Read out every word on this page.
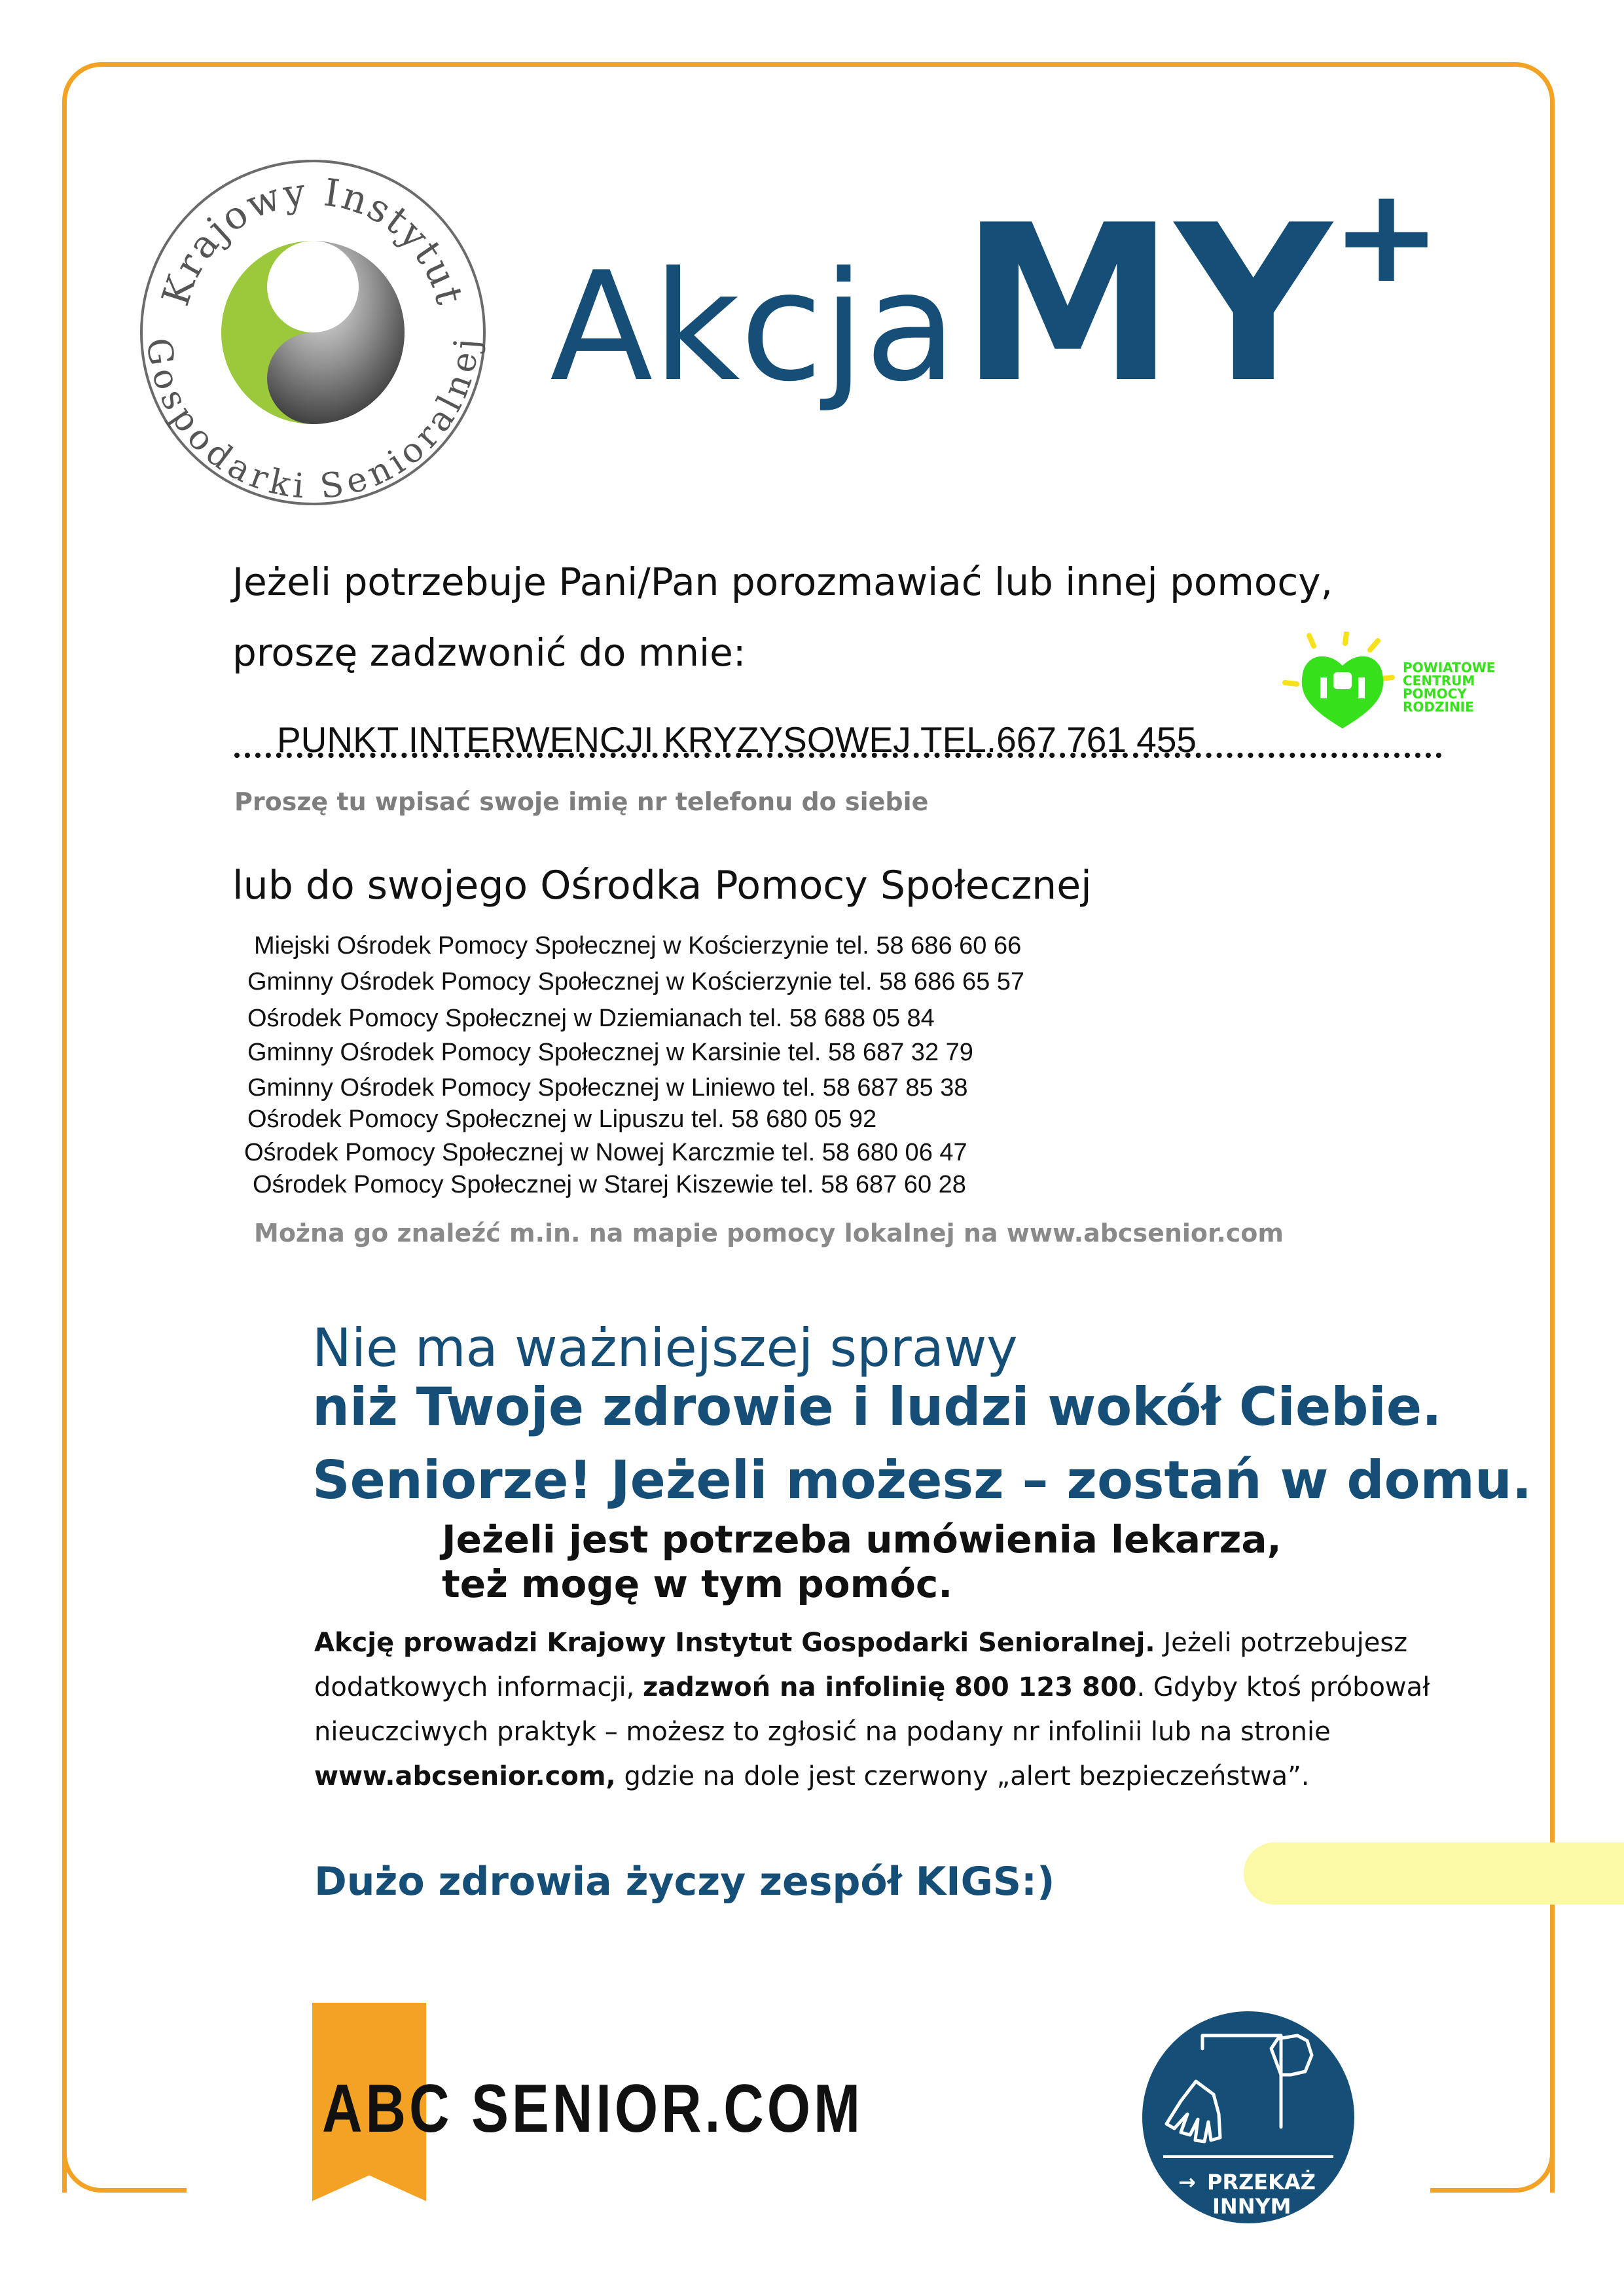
Krajowy Instytut
Gospodarki Senioralnej Akcja MY+
Jeżeli potrzebuje Pani/Pan porozmawiać lub innej pomocy,
proszę zadzwonić do mnie:	POWIATOWE
CENTRUM
POMOCY
RODZINIE
PUNKT INTERWENCJI KRYZYSOWEJ TEL.667 761 455
Proszę tu wpisać swoje imię nr telefonu do siebie
lub do swojego Ośrodka Pomocy Społecznej
Miejski Ośrodek Pomocy Społecznej w Kościerzynie tel. 58 686 60 66
Gminny Ośrodek Pomocy Społecznej w Kościerzynie tel. 58 686 65 57
Ośrodek Pomocy Społecznej w Dziemianach tel. 58 688 05 84
Gminny Ośrodek Pomocy Społecznej w Karsinie tel. 58 687 32 79
Gminny Ośrodek Pomocy Społecznej w Liniewo tel. 58 687 85 38
Ośrodek Pomocy Społecznej w Lipuszu tel. 58 680 05 92
Ośrodek Pomocy Społecznej w Nowej Karczmie tel. 58 680 06 47
Ośrodek Pomocy Społecznej w Starej Kiszewie tel. 58 687 60 28
Można go znaleźć m.in. na mapie pomocy lokalnej na www.abcsenior.com
Nie ma ważniejszej sprawy
niż Twoje zdrowie i ludzi wokół Ciebie.
Seniorze! Jeżeli możesz – zostań w domu.
Jeżeli jest potrzeba umówienia lekarza,
też mogę w tym pomóc.
Akcję prowadzi Krajowy Instytut Gospodarki Senioralnej. Jeżeli potrzebujesz
dodatkowych informacji, zadzwoń na infolinię 800 123 800. Gdyby ktoś próbował
nieuczciwych praktyk – możesz to zgłosić na podany nr infolinii lub na stronie
www.abcsenior.com, gdzie na dole jest czerwony „alert bezpieczeństwa”.
Dużo zdrowia życzy zespół KIGS:)
ABC SENIOR.COM
→ PRZEKAŻ
INNYM
